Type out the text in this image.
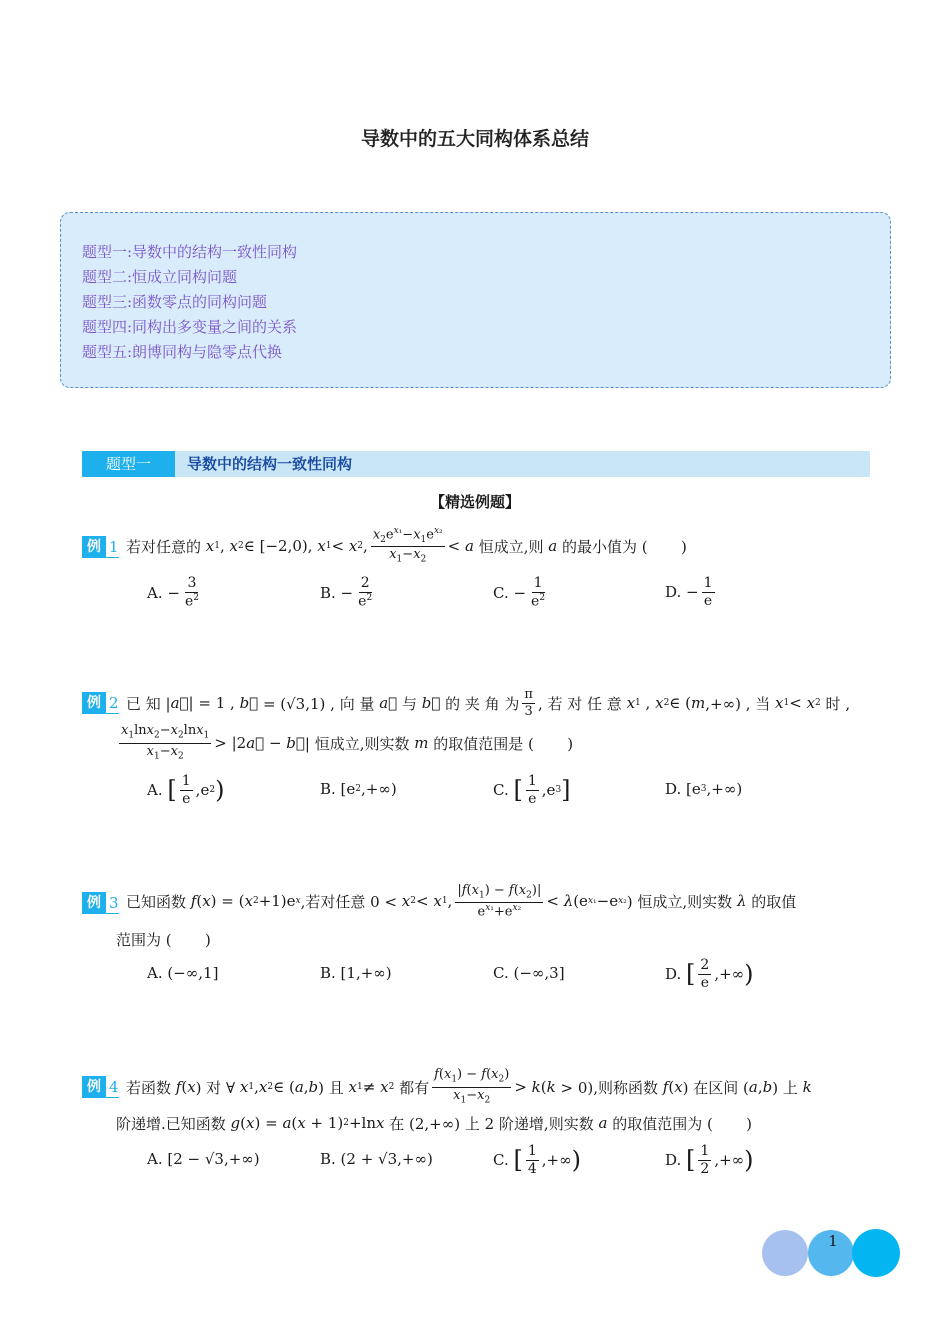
导数中的五大同构体系总结
题型一:导数中的结构一致性同构
题型二:恒成立同构问题
题型三:函数零点的同构问题
题型四:同构出多变量之间的关系
题型五:朗博同构与隐零点代换
题型一	导数中的结构一致性同构
【精选例题】
例 1 若对任意的 x 1 , x 2 ∈ [−2,0), x 1 < x 2 , $\frac{x_2e^{x_1}-x_1e^{x_2}}{x_1-x_2} < a$ 恒成立,则 a 的最小值为 (       )
A. − $\frac{3}{e^2}$	B. − $\frac{2}{e^2}$	C. − $\frac{1}{e^2}$	D. − $\frac{1}{e}$
例 2 已 知 | a⃗ | = 1 , b⃗ = (√3,1) , 向 量 a⃗ 与 b⃗ 的 夹 角 为 $\frac{\pi}{3}$ , 若 对 任 意 x 1 , x 2 ∈ ( m ,+∞) , 当 x 1 < x 2 时 ,
$\frac{x_1\ln x_2-x_2\ln x_1}{x_1-x_2} > |2$ a⃗ − b⃗ | 恒成立,则实数 m 的取值范围是 (       )
A. [ $\frac{1}{e} ,e$ 2 )	B. [e 2 ,+∞)	C. [ $\frac{1}{e} ,e$ 3 ]	D. [e 3 ,+∞)
例 3 已知函数 f ( x ) = ( x 2 +1)e x ,若对任意 0 < x 2 < x 1 , $\frac{|f(x_1) - f(x_2)|}{e^{x_1}+e^{x_2}} < \lambda$ (e x₁ −e x₂ ) 恒成立,则实数 λ 的取值
范围为 (       )
A. (−∞,1]	B. [1,+∞)	C. (−∞,3]	D. [ $\frac{2}{e}$ ,+∞ )
例 4 若函数 f ( x ) 对 ∀ x 1 , x 2 ∈ ( a , b ) 且 x 1 ≠ x 2 都有 $\frac{f(x_1) - f(x_2)}{x_1-x_2} > k$ ( k > 0),则称函数 f ( x ) 在区间 ( a , b ) 上 k
阶递增.已知函数 g ( x ) = a ( x + 1) 2 +ln x 在 (2,+∞) 上 2 阶递增,则实数 a 的取值范围为 (       )
A. [2 − √3,+∞)	B. (2 + √3,+∞)	C. [ $\frac{1}{4}$ ,+∞ )	D. [ $\frac{1}{2}$ ,+∞ )
1
